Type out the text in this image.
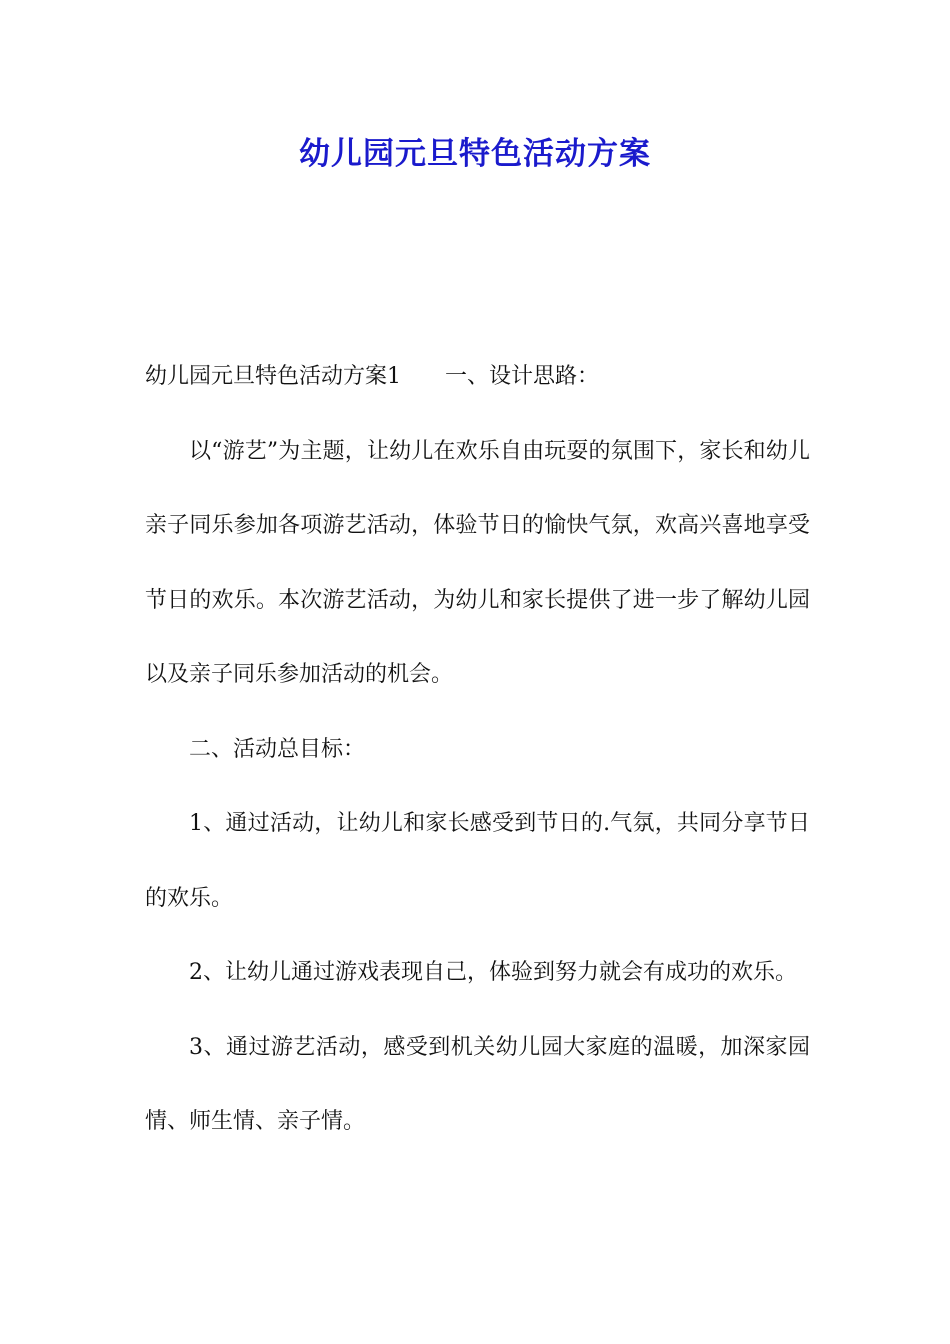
幼儿园元旦特色活动方案

幼儿园元旦特色活动方案1 一、设计思路：

以“游艺”为主题，让幼儿在欢乐自由玩耍的氛围下，家长和幼儿亲子同乐参加各项游艺活动，体验节日的愉快气氛，欢高兴喜地享受节日的欢乐。本次游艺活动，为幼儿和家长提供了进一步了解幼儿园以及亲子同乐参加活动的机会。

二、活动总目标：

1、通过活动，让幼儿和家长感受到节日的.气氛，共同分享节日的欢乐。

2、让幼儿通过游戏表现自己，体验到努力就会有成功的欢乐。

3、通过游艺活动，感受到机关幼儿园大家庭的温暖，加深家园情、师生情、亲子情。
